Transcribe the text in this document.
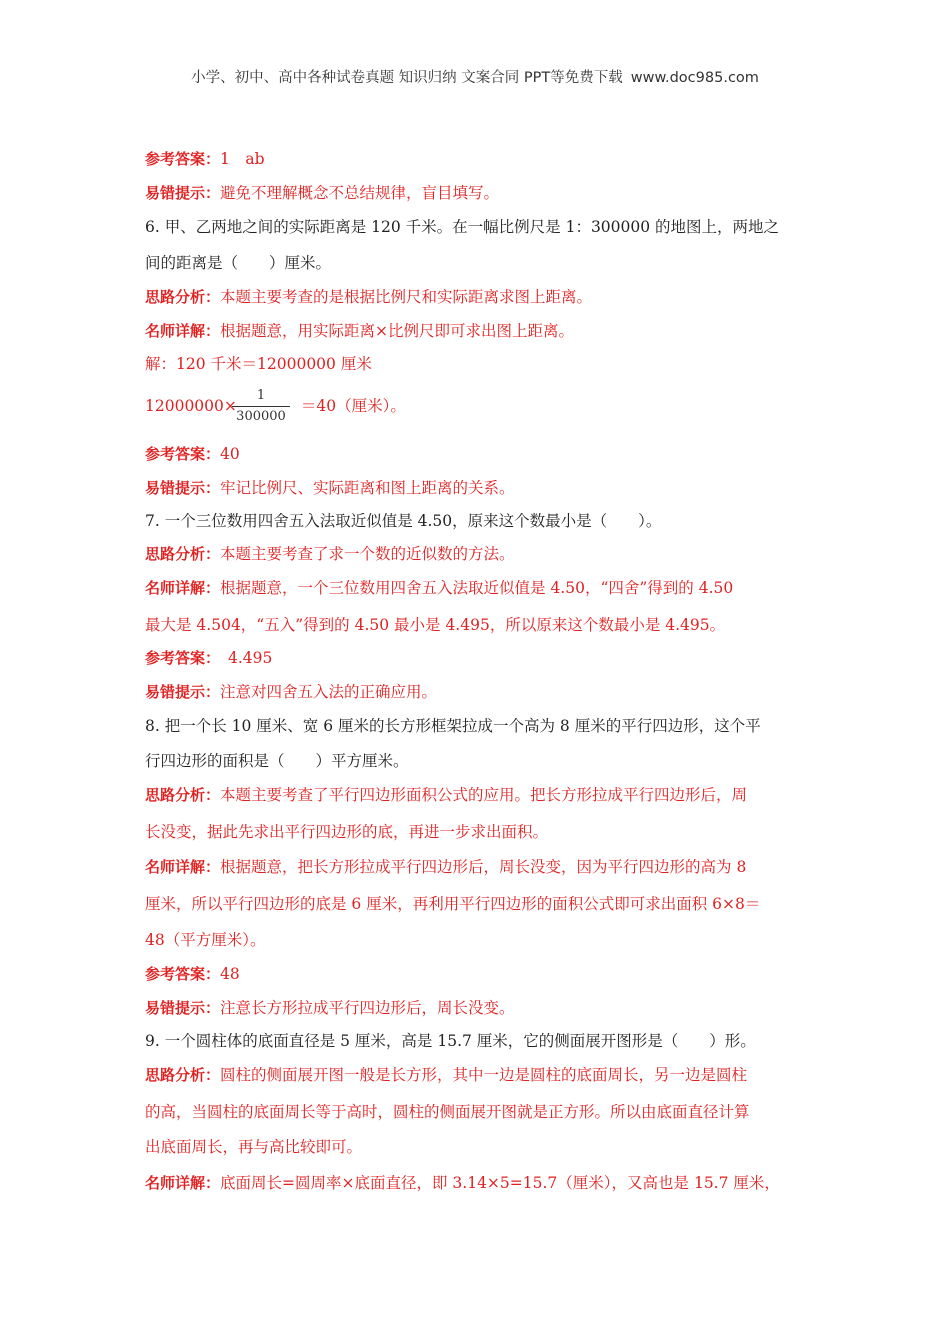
小学、初中、高中各种试卷真题 知识归纳 文案合同 PPT等免费下载 www.doc985.com
参考答案：1　ab
易错提示：避免不理解概念不总结规律，盲目填写。
6. 甲、乙两地之间的实际距离是 120 千米。在一幅比例尺是 1：300000 的地图上，两地之
间的距离是（　　）厘米。
思路分析：本题主要考查的是根据比例尺和实际距离求图上距离。
名师详解：根据题意，用实际距离×比例尺即可求出图上距离。
解：120 千米＝12000000 厘米
12000000×	＝40（厘米）。
1
300000
参考答案：40
易错提示：牢记比例尺、实际距离和图上距离的关系。
7. 一个三位数用四舍五入法取近似值是 4.50，原来这个数最小是（　　）。
思路分析：本题主要考查了求一个数的近似数的方法。
名师详解：根据题意，一个三位数用四舍五入法取近似值是 4.50，“四舍”得到的 4.50
最大是 4.504，“五入”得到的 4.50 最小是 4.495，所以原来这个数最小是 4.495。
参考答案：　4.495
易错提示：注意对四舍五入法的正确应用。
8. 把一个长 10 厘米、宽 6 厘米的长方形框架拉成一个高为 8 厘米的平行四边形，这个平
行四边形的面积是（　　）平方厘米。
思路分析：本题主要考查了平行四边形面积公式的应用。把长方形拉成平行四边形后，周
长没变，据此先求出平行四边形的底，再进一步求出面积。
名师详解：根据题意，把长方形拉成平行四边形后，周长没变，因为平行四边形的高为 8
厘米，所以平行四边形的底是 6 厘米，再利用平行四边形的面积公式即可求出面积 6×8＝
48（平方厘米）。
参考答案：48
易错提示：注意长方形拉成平行四边形后，周长没变。
9. 一个圆柱体的底面直径是 5 厘米，高是 15.7 厘米，它的侧面展开图形是（　　）形。
思路分析：圆柱的侧面展开图一般是长方形，其中一边是圆柱的底面周长，另一边是圆柱
的高，当圆柱的底面周长等于高时，圆柱的侧面展开图就是正方形。所以由底面直径计算
出底面周长，再与高比较即可。
名师详解：底面周长=圆周率×底面直径，即 3.14×5=15.7（厘米），又高也是 15.7 厘米，
